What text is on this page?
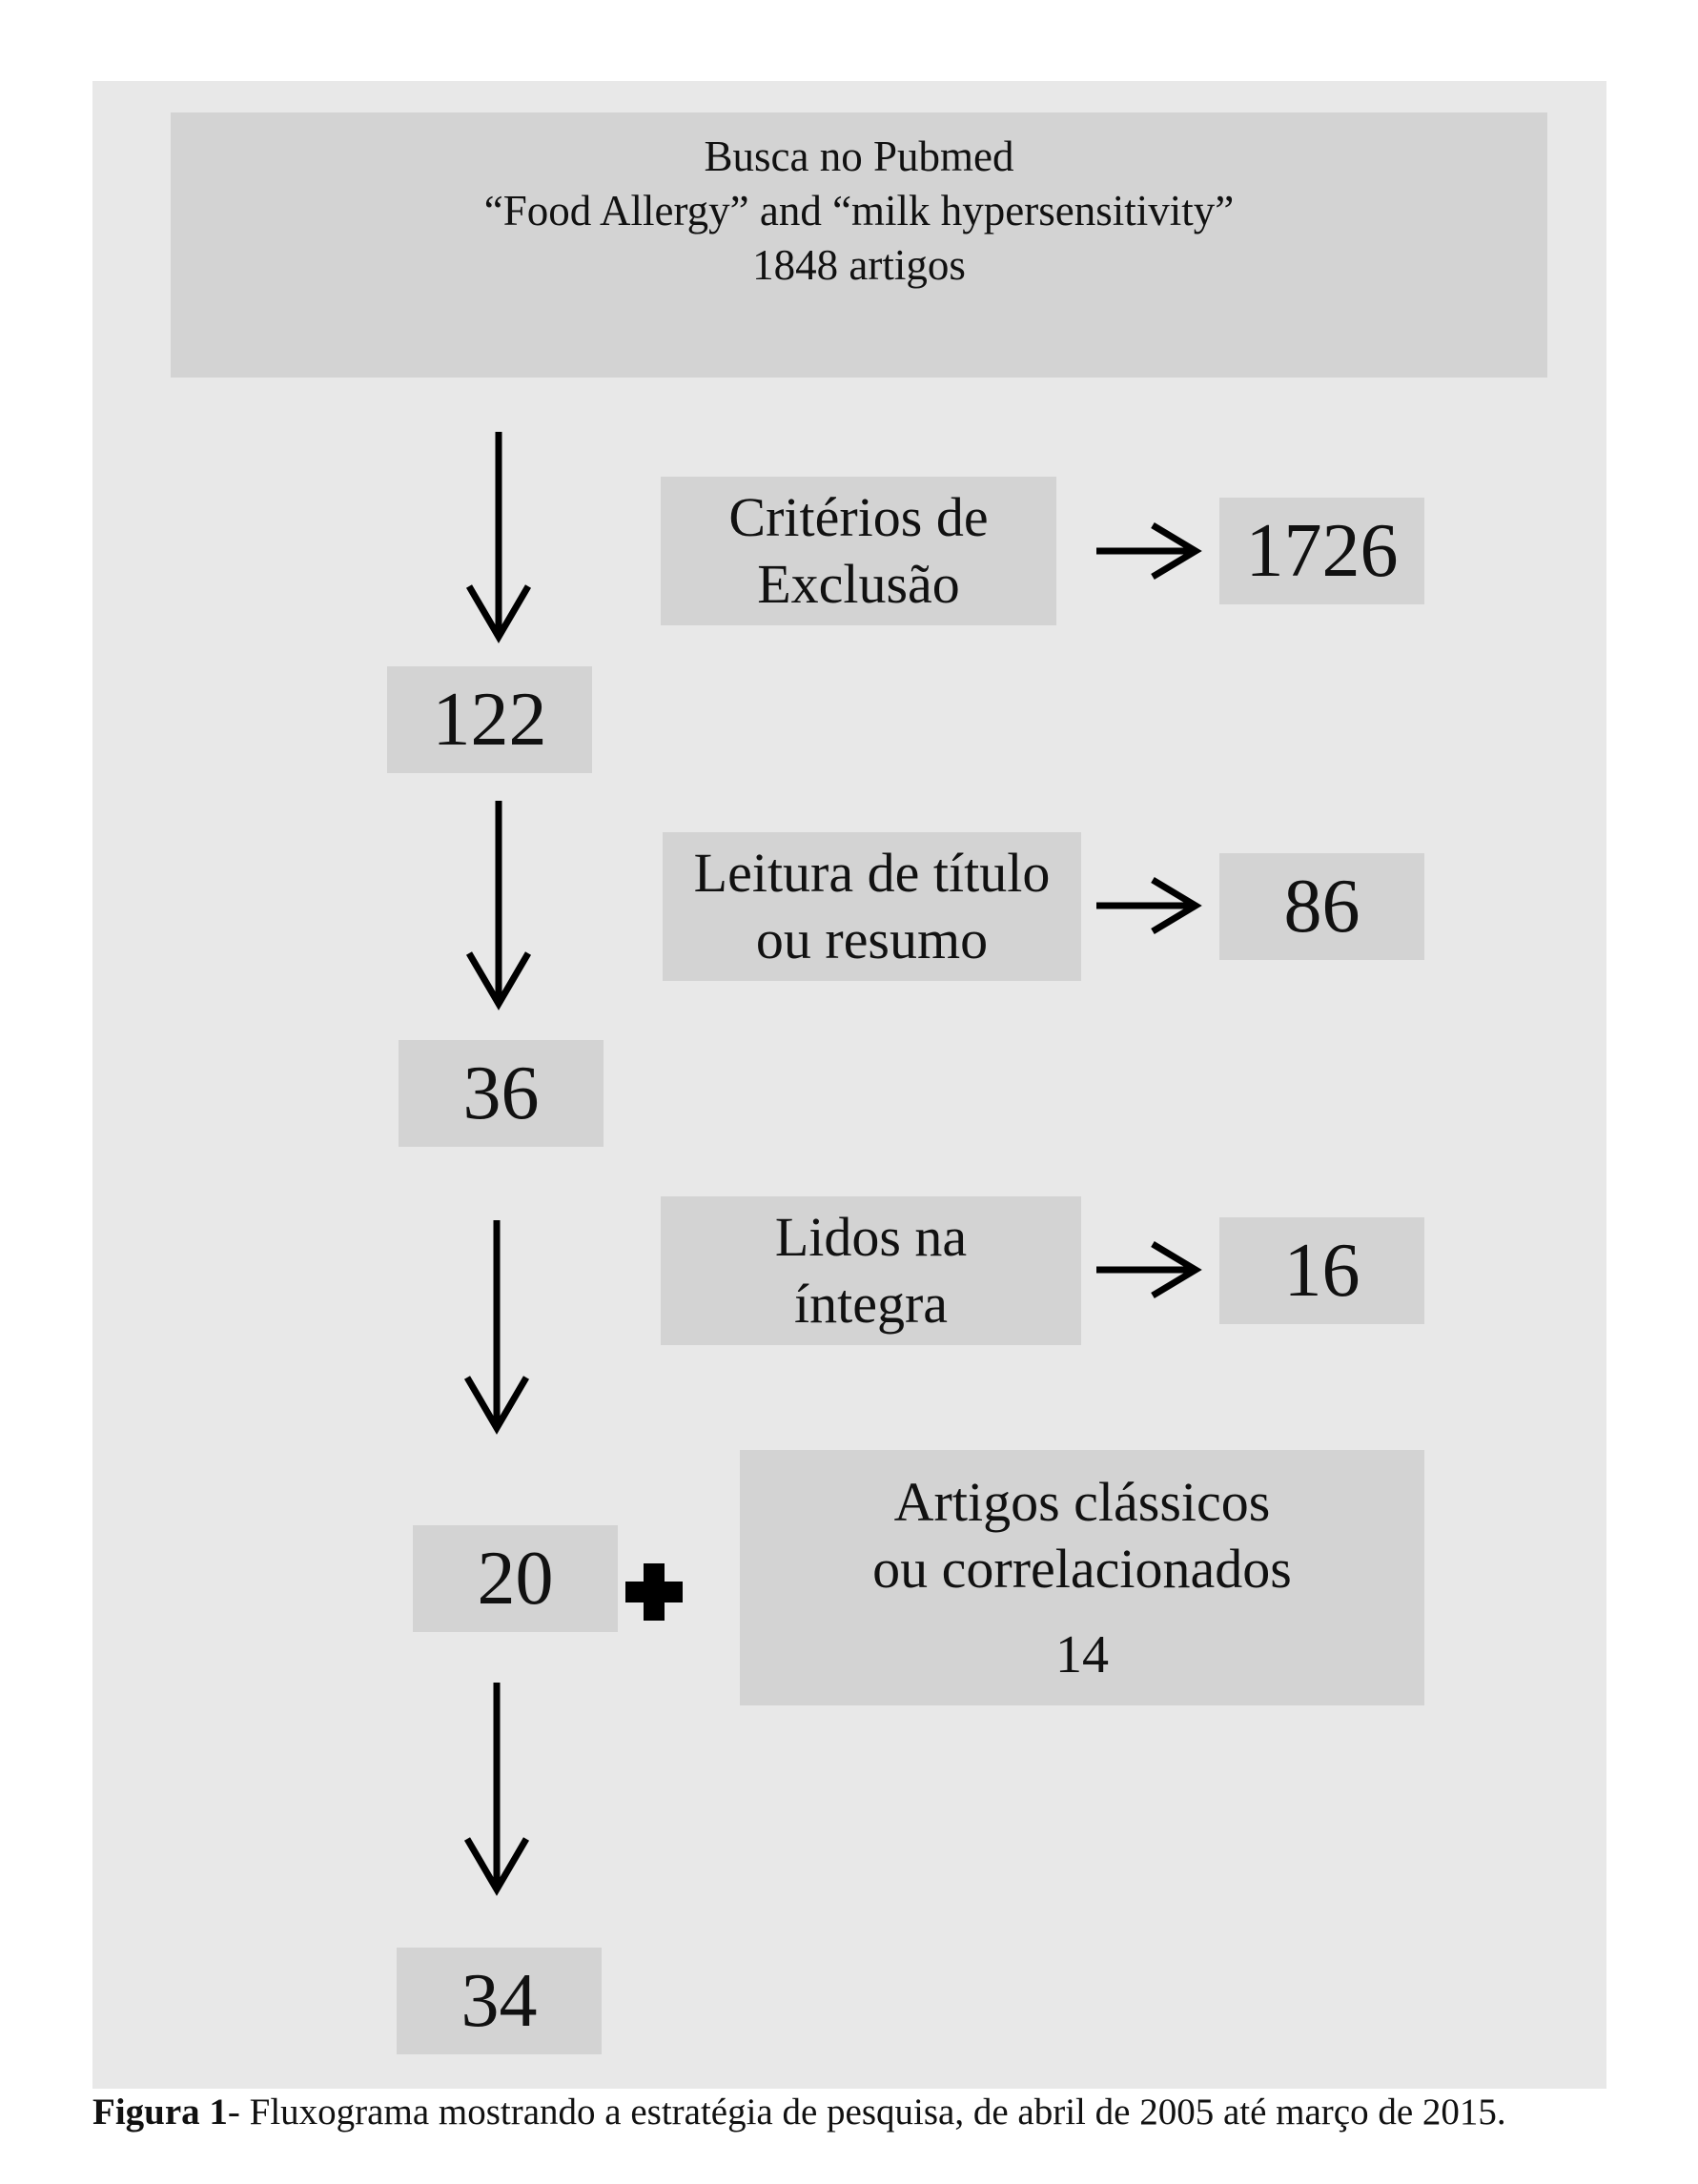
Busca no Pubmed
“Food Allergy” and “milk hypersensitivity”
1848 artigos
Critérios de
Exclusão	1726
122
Leitura de título
ou resumo	86
36
Lidos na
íntegra	16
20
Artigos clássicos
ou correlacionados
14
34
Figura 1- Fluxograma mostrando a estratégia de pesquisa, de abril de 2005 até março de 2015.
